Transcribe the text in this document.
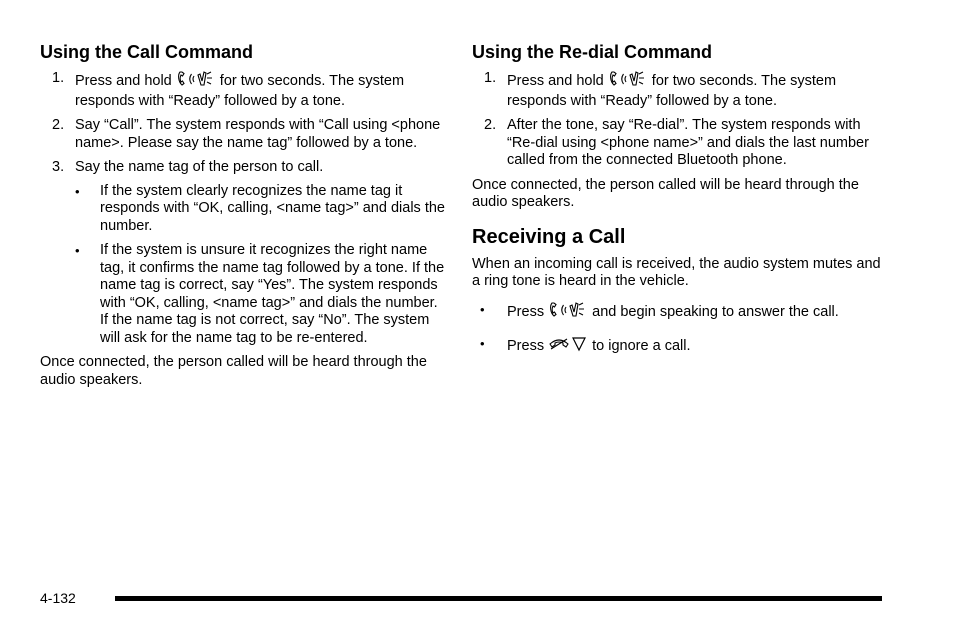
Using the Call Command
1. Press and hold	for two seconds. The system responds with “Ready” followed by a tone.
2. Say “Call”. The system responds with “Call using <phone name>. Please say the name tag” followed by a tone.
3. Say the name tag of the person to call.
• If the system clearly recognizes the name tag it responds with “OK, calling, <name tag>” and dials the number.
• If the system is unsure it recognizes the right name tag, it confirms the name tag followed by a tone. If the name tag is correct, say “Yes”. The system responds with “OK, calling, <name tag>” and dials the number. If the name tag is not correct, say “No”. The system will ask for the name tag to be re-entered.

Once connected, the person called will be heard through the audio speakers.

Using the Re-dial Command
1. Press and hold	for two seconds. The system responds with “Ready” followed by a tone.
2. After the tone, say “Re-dial”. The system responds with “Re-dial using <phone name>” and dials the last number called from the connected Bluetooth phone.

Once connected, the person called will be heard through the audio speakers.

Receiving a Call

When an incoming call is received, the audio system mutes and a ring tone is heard in the vehicle.

• Press	and begin speaking to answer the call.
• Press	to ignore a call.
4-132
